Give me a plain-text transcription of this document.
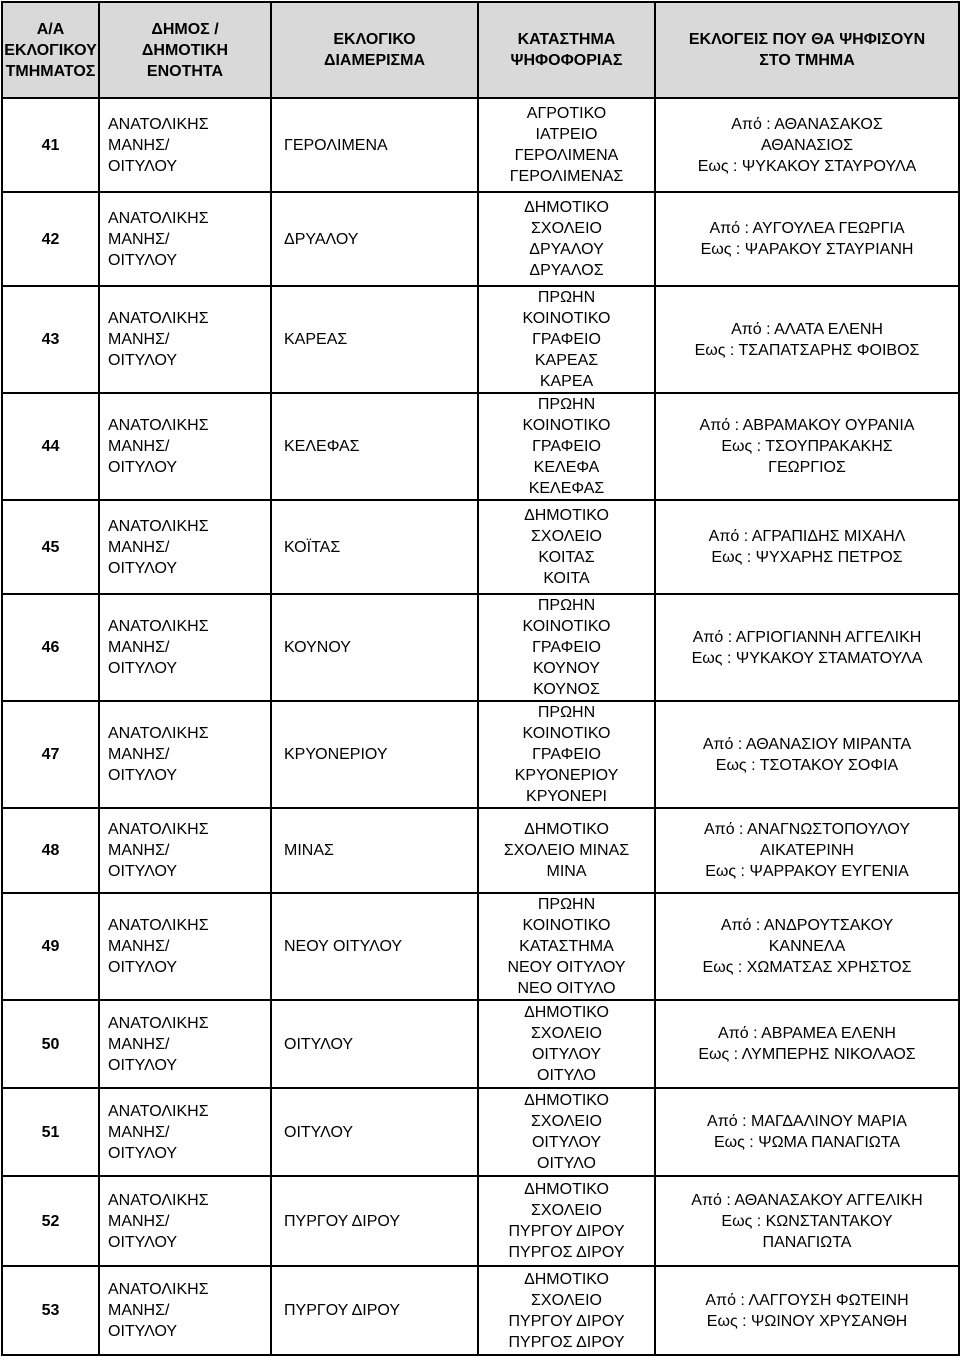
Α/Α
ΕΚΛΟΓΙΚΟΥ
ΤΜΗΜΑΤΟΣ	ΔΗΜΟΣ /
ΔΗΜΟΤΙΚΗ
ΕΝΟΤΗΤΑ	ΕΚΛΟΓΙΚΟ
ΔΙΑΜΕΡΙΣΜΑ	ΚΑΤΑΣΤΗΜΑ
ΨΗΦΟΦΟΡΙΑΣ	ΕΚΛΟΓΕΙΣ ΠΟΥ ΘΑ ΨΗΦΙΣΟΥΝ
ΣΤΟ ΤΜΗΜΑ

41	ΑΝΑΤΟΛΙΚΗΣ
ΜΑΝΗΣ/
ΟΙΤΥΛΟΥ	ΓΕΡΟΛΙΜΕΝΑ	ΑΓΡΟΤΙΚΟ
ΙΑΤΡΕΙΟ
ΓΕΡΟΛΙΜΕΝΑ
ΓΕΡΟΛΙΜΕΝΑΣ	Από : ΑΘΑΝΑΣΑΚΟΣ
ΑΘΑΝΑΣΙΟΣ
Εως : ΨΥΚΑΚΟΥ ΣΤΑΥΡΟΥΛΑ

42	ΑΝΑΤΟΛΙΚΗΣ
ΜΑΝΗΣ/
ΟΙΤΥΛΟΥ	ΔΡΥΑΛΟΥ	ΔΗΜΟΤΙΚΟ
ΣΧΟΛΕΙΟ
ΔΡΥΑΛΟΥ
ΔΡΥΑΛΟΣ	Από : ΑΥΓΟΥΛΕΑ ΓΕΩΡΓΙΑ
Εως : ΨΑΡΑΚΟΥ ΣΤΑΥΡΙΑΝΗ

43	ΑΝΑΤΟΛΙΚΗΣ
ΜΑΝΗΣ/
ΟΙΤΥΛΟΥ	ΚΑΡΕΑΣ	ΠΡΩΗΝ
ΚΟΙΝΟΤΙΚΟ
ΓΡΑΦΕΙΟ
ΚΑΡΕΑΣ
ΚΑΡΕΑ	Από : ΑΛΑΤΑ ΕΛΕΝΗ
Εως : ΤΣΑΠΑΤΣΑΡΗΣ ΦΟΙΒΟΣ

44	ΑΝΑΤΟΛΙΚΗΣ
ΜΑΝΗΣ/
ΟΙΤΥΛΟΥ	ΚΕΛΕΦΑΣ	ΠΡΩΗΝ
ΚΟΙΝΟΤΙΚΟ
ΓΡΑΦΕΙΟ
ΚΕΛΕΦΑ
ΚΕΛΕΦΑΣ	Από : ΑΒΡΑΜΑΚΟΥ ΟΥΡΑΝΙΑ
Εως : ΤΣΟΥΠΡΑΚΑΚΗΣ
ΓΕΩΡΓΙΟΣ

45	ΑΝΑΤΟΛΙΚΗΣ
ΜΑΝΗΣ/
ΟΙΤΥΛΟΥ	ΚΟΪΤΑΣ	ΔΗΜΟΤΙΚΟ
ΣΧΟΛΕΙΟ
ΚΟΙΤΑΣ
ΚΟΙΤΑ	Από : ΑΓΡΑΠΙΔΗΣ ΜΙΧΑΗΛ
Εως : ΨΥΧΑΡΗΣ ΠΕΤΡΟΣ

46	ΑΝΑΤΟΛΙΚΗΣ
ΜΑΝΗΣ/
ΟΙΤΥΛΟΥ	ΚΟΥΝΟΥ	ΠΡΩΗΝ
ΚΟΙΝΟΤΙΚΟ
ΓΡΑΦΕΙΟ
ΚΟΥΝΟΥ
ΚΟΥΝΟΣ	Από : ΑΓΡΙΟΓΙΑΝΝΗ ΑΓΓΕΛΙΚΗ
Εως : ΨΥΚΑΚΟΥ ΣΤΑΜΑΤΟΥΛΑ

47	ΑΝΑΤΟΛΙΚΗΣ
ΜΑΝΗΣ/
ΟΙΤΥΛΟΥ	ΚΡΥΟΝΕΡΙΟΥ	ΠΡΩΗΝ
ΚΟΙΝΟΤΙΚΟ
ΓΡΑΦΕΙΟ
ΚΡΥΟΝΕΡΙΟΥ
ΚΡΥΟΝΕΡΙ	Από : ΑΘΑΝΑΣΙΟΥ ΜΙΡΑΝΤΑ
Εως : ΤΣΟΤΑΚΟΥ ΣΟΦΙΑ

48	ΑΝΑΤΟΛΙΚΗΣ
ΜΑΝΗΣ/
ΟΙΤΥΛΟΥ	ΜΙΝΑΣ	ΔΗΜΟΤΙΚΟ
ΣΧΟΛΕΙΟ ΜΙΝΑΣ
ΜΙΝΑ	Από : ΑΝΑΓΝΩΣΤΟΠΟΥΛΟΥ
ΑΙΚΑΤΕΡΙΝΗ
Εως : ΨΑΡΡΑΚΟΥ ΕΥΓΕΝΙΑ

49	ΑΝΑΤΟΛΙΚΗΣ
ΜΑΝΗΣ/
ΟΙΤΥΛΟΥ	ΝΕΟΥ ΟΙΤΥΛΟΥ	ΠΡΩΗΝ
ΚΟΙΝΟΤΙΚΟ
ΚΑΤΑΣΤΗΜΑ
ΝΕΟΥ ΟΙΤΥΛΟΥ
ΝΕΟ ΟΙΤΥΛΟ	Από : ΑΝΔΡΟΥΤΣΑΚΟΥ
ΚΑΝΝΕΛΑ
Εως : ΧΩΜΑΤΣΑΣ ΧΡΗΣΤΟΣ

50	ΑΝΑΤΟΛΙΚΗΣ
ΜΑΝΗΣ/
ΟΙΤΥΛΟΥ	ΟΙΤΥΛΟΥ	ΔΗΜΟΤΙΚΟ
ΣΧΟΛΕΙΟ
ΟΙΤΥΛΟΥ
ΟΙΤΥΛΟ	Από : ΑΒΡΑΜΕΑ ΕΛΕΝΗ
Εως : ΛΥΜΠΕΡΗΣ ΝΙΚΟΛΑΟΣ

51	ΑΝΑΤΟΛΙΚΗΣ
ΜΑΝΗΣ/
ΟΙΤΥΛΟΥ	ΟΙΤΥΛΟΥ	ΔΗΜΟΤΙΚΟ
ΣΧΟΛΕΙΟ
ΟΙΤΥΛΟΥ
ΟΙΤΥΛΟ	Από : ΜΑΓΔΑΛΙΝΟΥ ΜΑΡΙΑ
Εως : ΨΩΜΑ ΠΑΝΑΓΙΩΤΑ

52	ΑΝΑΤΟΛΙΚΗΣ
ΜΑΝΗΣ/
ΟΙΤΥΛΟΥ	ΠΥΡΓΟΥ ΔΙΡΟΥ	ΔΗΜΟΤΙΚΟ
ΣΧΟΛΕΙΟ
ΠΥΡΓΟΥ ΔΙΡΟΥ
ΠΥΡΓΟΣ ΔΙΡΟΥ	Από : ΑΘΑΝΑΣΑΚΟΥ ΑΓΓΕΛΙΚΗ
Εως : ΚΩΝΣΤΑΝΤΑΚΟΥ
ΠΑΝΑΓΙΩΤΑ

53	ΑΝΑΤΟΛΙΚΗΣ
ΜΑΝΗΣ/
ΟΙΤΥΛΟΥ	ΠΥΡΓΟΥ ΔΙΡΟΥ	ΔΗΜΟΤΙΚΟ
ΣΧΟΛΕΙΟ
ΠΥΡΓΟΥ ΔΙΡΟΥ
ΠΥΡΓΟΣ ΔΙΡΟΥ	Από : ΛΑΓΓΟΥΣΗ ΦΩΤΕΙΝΗ
Εως : ΨΩΙΝΟΥ ΧΡΥΣΑΝΘΗ
